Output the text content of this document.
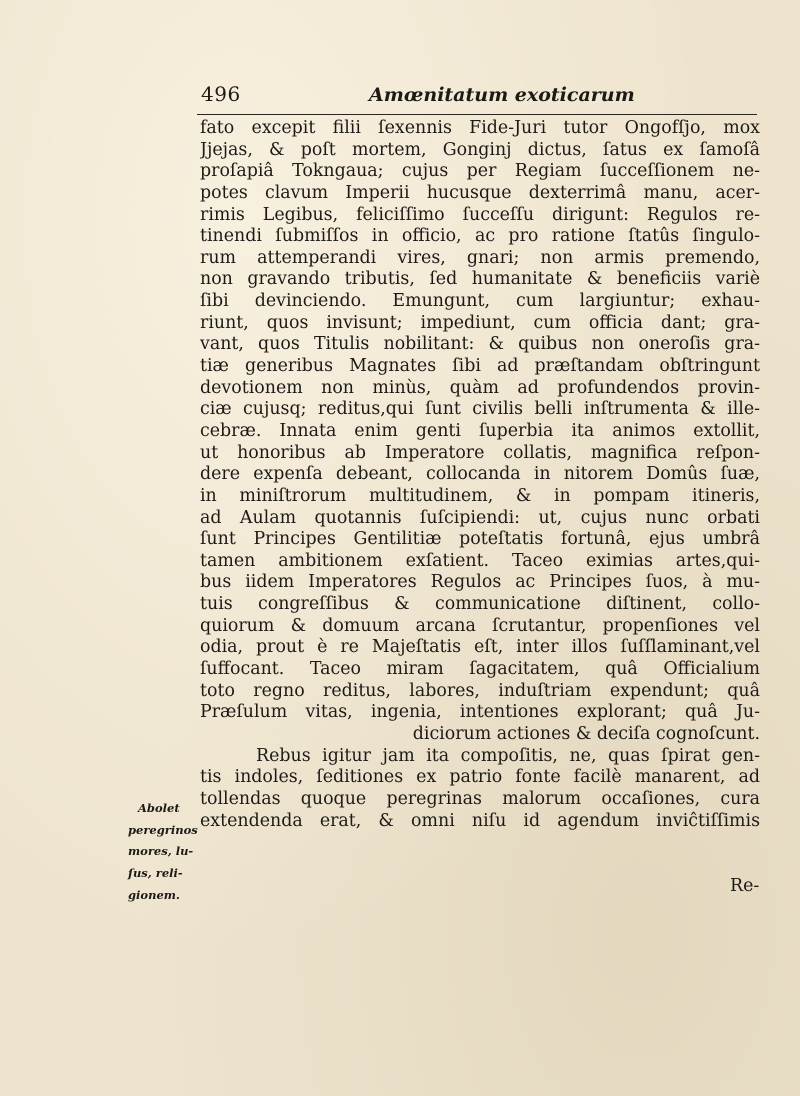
496	Amœnitatum exoticarum
fato excepit filii ſexennis Fide-Juri tutor Ongofſjo, mox
Jjejas, & poſt mortem, Gonginj dictus, ſatus ex ſamoſâ
proſapiâ Tokngaua; cujus per Regiam ſucceſſionem ne-
potes clavum Imperii hucusque dexterrimâ manu, acer-
rimis Legibus, feliciſſimo ſucceſſu dirigunt: Regulos re-
tinendi ſubmiſſos in officio, ac pro ratione ſtatûs ſingulo-
rum attemperandi vires, gnari; non armis premendo,
non gravando tributis, ſed humanitate & beneficiis variè
ſibi devinciendo. Emungunt, cum largiuntur; exhau-
riunt, quos invisunt; impediunt, cum officia dant; gra-
vant, quos Titulis nobilitant: & quibus non oneroſis gra-
tiæ generibus Magnates ſibi ad præſtandam obſtringunt
devotionem non minùs, quàm ad profundendos provin-
ciæ cujusq; reditus,qui ſunt civilis belli inſtrumenta & ille-
cebræ. Innata enim genti ſuperbia ita animos extollit,
ut honoribus ab Imperatore collatis, magnifica reſpon-
dere expenſa debeant, collocanda in nitorem Domûs ſuæ,
in miniſtrorum multitudinem, & in pompam itineris,
ad Aulam quotannis ſuſcipiendi: ut, cujus nunc orbati
ſunt Principes Gentilitiæ poteſtatis fortunâ, ejus umbrâ
tamen ambitionem exſatient. Taceo eximias artes,qui-
bus iidem Imperatores Regulos ac Principes ſuos, à mu-
tuis congreſſibus & communicatione diſtinent, collo-
quiorum & domuum arcana ſcrutantur, propenſiones vel
odia, prout è re Majeſtatis eſt, inter illos ſuſſlaminant,vel
ſuffocant. Taceo miram ſagacitatem, quâ Officialium
toto regno reditus, labores, induſtriam expendunt; quâ
Præſulum vitas, ingenia, intentiones explorant; quâ Ju-
diciorum actiones & deciſa cognoſcunt.
Rebus igitur jam ita compoſitis, ne, quas ſpirat gen-
tis indoles, ſeditiones ex patrio fonte facilè manarent, ad
tollendas quoque peregrinas malorum occaſiones, cura
extendenda erat, & omni niſu id agendum inviĉtiſſimis
Abolet
peregrinos
mores, lu-
ſus, reli-
gionem.	Re-
